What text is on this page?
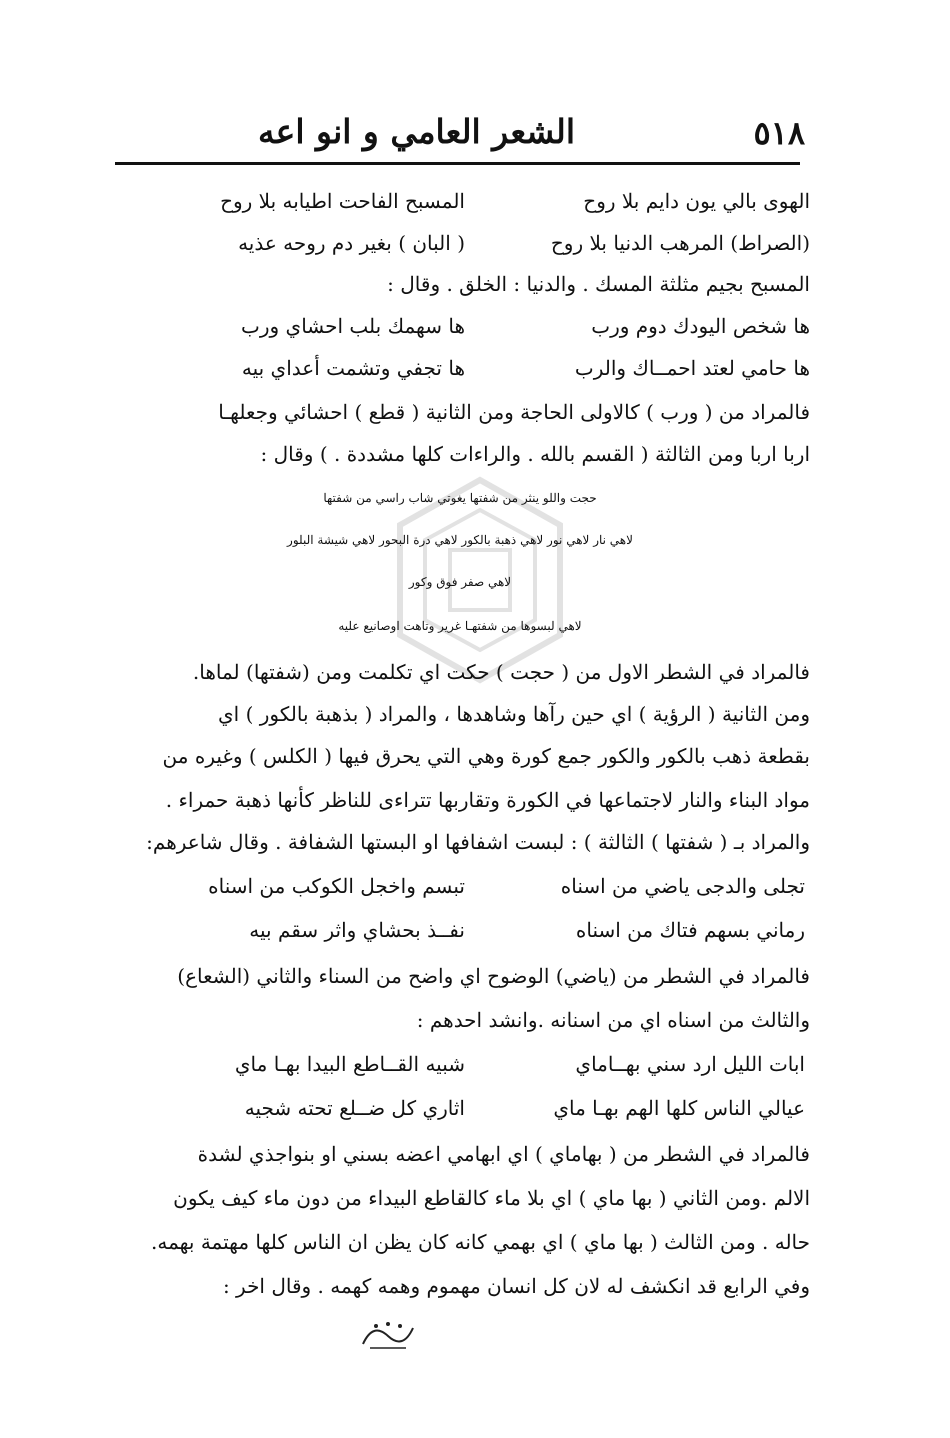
٥١٨
الشعر العامي و انو اعه
الهوى بالي يون دايم بلا روح
المسبح الفاحت اطيابه بلا روح
(الصراط) المرهب الدنيا بلا روح
( البان ) بغير دم روحه عذيه
المسبح بجيم مثلثة المسك . والدنيا : الخلق . وقال :
ها شخص اليودك دوم ورب
ها سهمك بلب احشاي ورب
ها حامي لعتد احمــاك والرب
ها تجفي وتشمت أعداي بيه
فالمراد من ( ورب ) كالاولى الحاجة ومن الثانية ( قطع ) احشائي وجعلهـا
اربا اربا ومن الثالثة ( القسم بالله . والراءات كلها مشددة . ) وقال :
حجت واللو ينثر من شفتها يغوتي شاب راسي من شفتها
لاهي نار لاهي نور لاهي ذهبة بالكور لاهي درة البحور لاهي شيشة البلور
لاهي صفر فوق وكور
لاهي لبسوها من شفتهـا غرير وتاهت اوصانيع عليه
فالمراد في الشطر الاول من ( حجت ) حكت اي تكلمت ومن (شفتها) لماها.
ومن الثانية ( الرؤية ) اي حين رآها وشاهدها ، والمراد ( بذهبة بالكور ) اي
بقطعة ذهب بالكور والكور جمع كورة وهي التي يحرق فيها ( الكلس ) وغيره من
مواد البناء والنار لاجتماعها في الكورة وتقاربها تتراءى للناظر كأنها ذهبة حمراء .
والمراد بـ ( شفتها ) الثالثة ) : لبست اشفافها او البستها الشفافة . وقال شاعرهم:
تجلى والدجى ياضي من اسناه
تبسم واخجل الكوكب من اسناه
رماني بسهم فتاك من اسناه
نفــذ بحشاي واثر سقم بيه
فالمراد في الشطر من (ياضي) الوضوح اي واضح من السناء والثاني (الشعاع)
والثالث من اسناه اي من اسنانه .وانشد احدهم :
ابات الليل ارد سني بهــاماي
شبيه القــاطع البيدا بهـا ماي
عيالي الناس كلها الهم بهـا ماي
اثاري كل ضــلع تحته شجيه
فالمراد في الشطر من ( بهاماي ) اي ابهامي اعضه بسني او بنواجذي لشدة
الالم .ومن الثاني ( بها ماي ) اي بلا ماء كالقاطع البيداء من دون ماء كيف يكون
حاله . ومن الثالث ( بها ماي ) اي بهمي كانه كان يظن ان الناس كلها مهتمة بهمه.
وفي الرابع قد انكشف له لان كل انسان مهموم وهمه كهمه . وقال اخر :
